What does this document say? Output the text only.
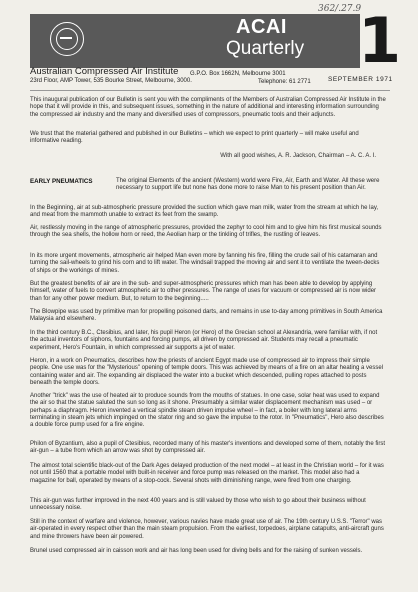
362/.27.9
ACAI
Quarterly 1
Australian Compressed Air Institute
23rd Floor, AMP Tower, 535 Bourke Street, Melbourne, 3000.
G.P.O. Box 1662N, Melbourne 3001
Telephone: 61 2771	SEPTEMBER 1971

This inaugural publication of our Bulletin is sent you with the compliments of the Members of Australian Compressed Air Institute in the hope that it will provide in this, and subsequent issues, something in the nature of additional and interesting information surrounding the compressed air industry and the many and diversified uses of compressors, pneumatic tools and their adjuncts.

We trust that the material gathered and published in our Bulletins – which we expect to print quarterly – will make useful and informative reading.

With all good wishes, A. R. Jackson, Chairman – A. C. A. I.

EARLY PNEUMATICS	The original Elements of the ancient (Western) world were Fire, Air, Earth and Water. All these were necessary to support life but none has done more to raise Man to his present position than Air.

In the Beginning, air at sub-atmospheric pressure provided the suction which gave man milk, water from the stream at which he lay, and meat from the mammoth unable to extract its feet from the swamp.

Air, restlessly moving in the range of atmospheric pressures, provided the zephyr to cool him and to give him his first musical sounds through the sea shells, the hollow horn or reed, the Aeolian harp or the tinkling of trifles, the rustling of leaves.

In its more urgent movements, atmospheric air helped Man even more by fanning his fire, filling the crude sail of his catamaran and turning the sail-wheels to grind his corn and to lift water. The windsail trapped the moving air and sent it to ventilate the tween-decks of ships or the workings of mines.

But the greatest benefits of air are in the sub- and super-atmospheric pressures which man has been able to develop by applying himself, water of fuels to convert atmospheric air to other pressures. The range of uses for vacuum or compressed air is now wider than for any other power medium. But, to return to the beginning.....

The Blowpipe was used by primitive man for propelling poisoned darts, and remains in use to-day among primitives in South America Malaysia and elsewhere.

In the third century B.C., Ctesibius, and later, his pupil Heron (or Hero) of the Grecian school at Alexandria, were familiar with, if not the actual inventors of siphons, fountains and forcing pumps, all driven by compressed air. Students may recall a pneumatic experiment, Hero's Fountain, in which compressed air supports a jet of water.

Heron, in a work on Pneumatics, describes how the priests of ancient Egypt made use of compressed air to impress their simple people. One use was for the "Mysterious" opening of temple doors. This was achieved by means of a fire on an altar heating a vessel containing water and air. The expanding air displaced the water into a bucket which descended, pulling ropes attached to posts beneath the temple doors.

Another "trick" was the use of heated air to produce sounds from the mouths of statues. In one case, solar heat was used to expand the air so that the statue saluted the sun so long as it shone. Presumably a similar water displacement mechanism was used – or perhaps a diaphragm. Heron invented a vertical spindle steam driven impulse wheel – in fact, a boiler with long lateral arms terminating in steam jets which impinged on the stator ring and so gave the impulse to the rotor. In "Pneumatics", Hero also describes a double force pump used for a fire engine.

Philon of Byzantium, also a pupil of Ctesibius, recorded many of his master's inventions and developed some of them, notably the first air-gun – a tube from which an arrow was shot by compressed air.

The almost total scientific black-out of the Dark Ages delayed production of the next model – at least in the Christian world – for it was not until 1560 that a portable model with built-in receiver and force pump was released on the market. This model also had a magazine for ball, operated by means of a stop-cock. Several shots with diminishing range, were fired from one charging.

This air-gun was further improved in the next 400 years and is still valued by those who wish to go about their business without unnecessary noise.

Still in the context of warfare and violence, however, various navies have made great use of air. The 19th century U.S.S. "Terror" was air-operated in every respect other than the main steam propulsion. From the earliest, torpedoes, airplane catapults, anti-aircraft guns and mine throwers have been air powered.

Brunel used compressed air in caisson work and air has long been used for diving bells and for the raising of sunken vessels.
